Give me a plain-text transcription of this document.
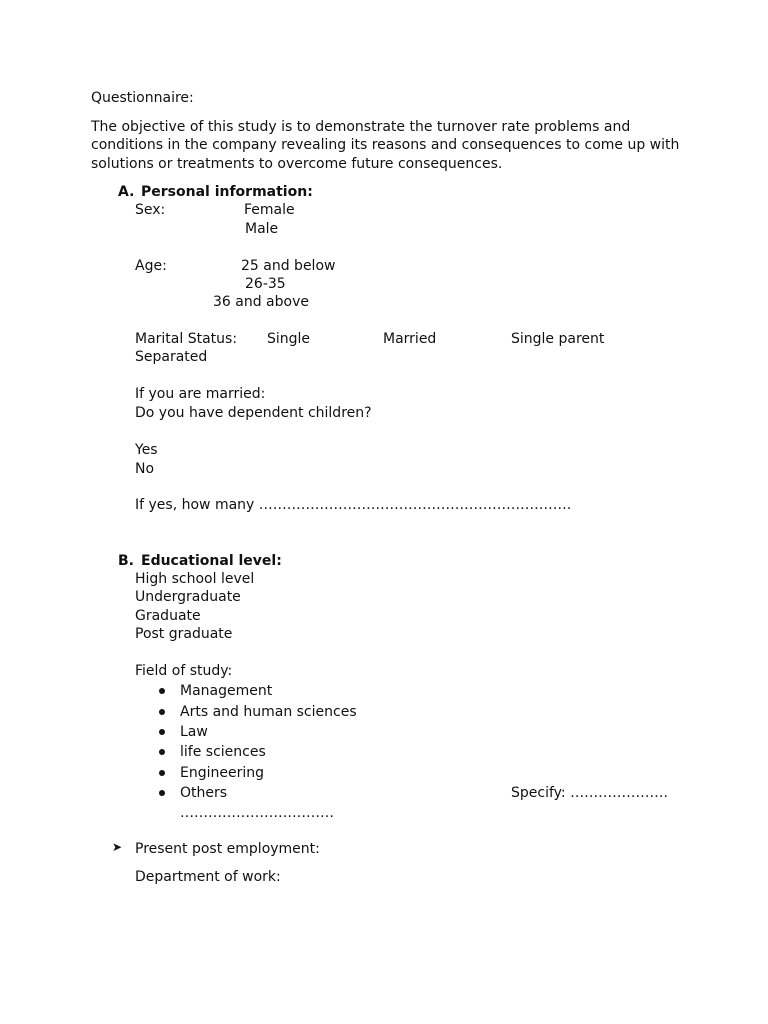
Questionnaire:
The objective of this study is to demonstrate the turnover rate problems and
conditions in the company revealing its reasons and consequences to come up with
solutions or treatments to overcome future consequences.
A. Personal information:
Sex:	Female
Male
Age:	25 and below
26-35
36 and above
Marital Status: Single	Married	Single parent
Separated
If you are married:
Do you have dependent children?
Yes
No
If yes, how many ………………………………………………………….
B. Educational level:
High school level
Undergraduate
Graduate
Post graduate
Field of study:
Management
Arts and human sciences
Law
life sciences
Engineering
Others	Specify: …………………
……………………………
➤ Present post employment:
Department of work:
